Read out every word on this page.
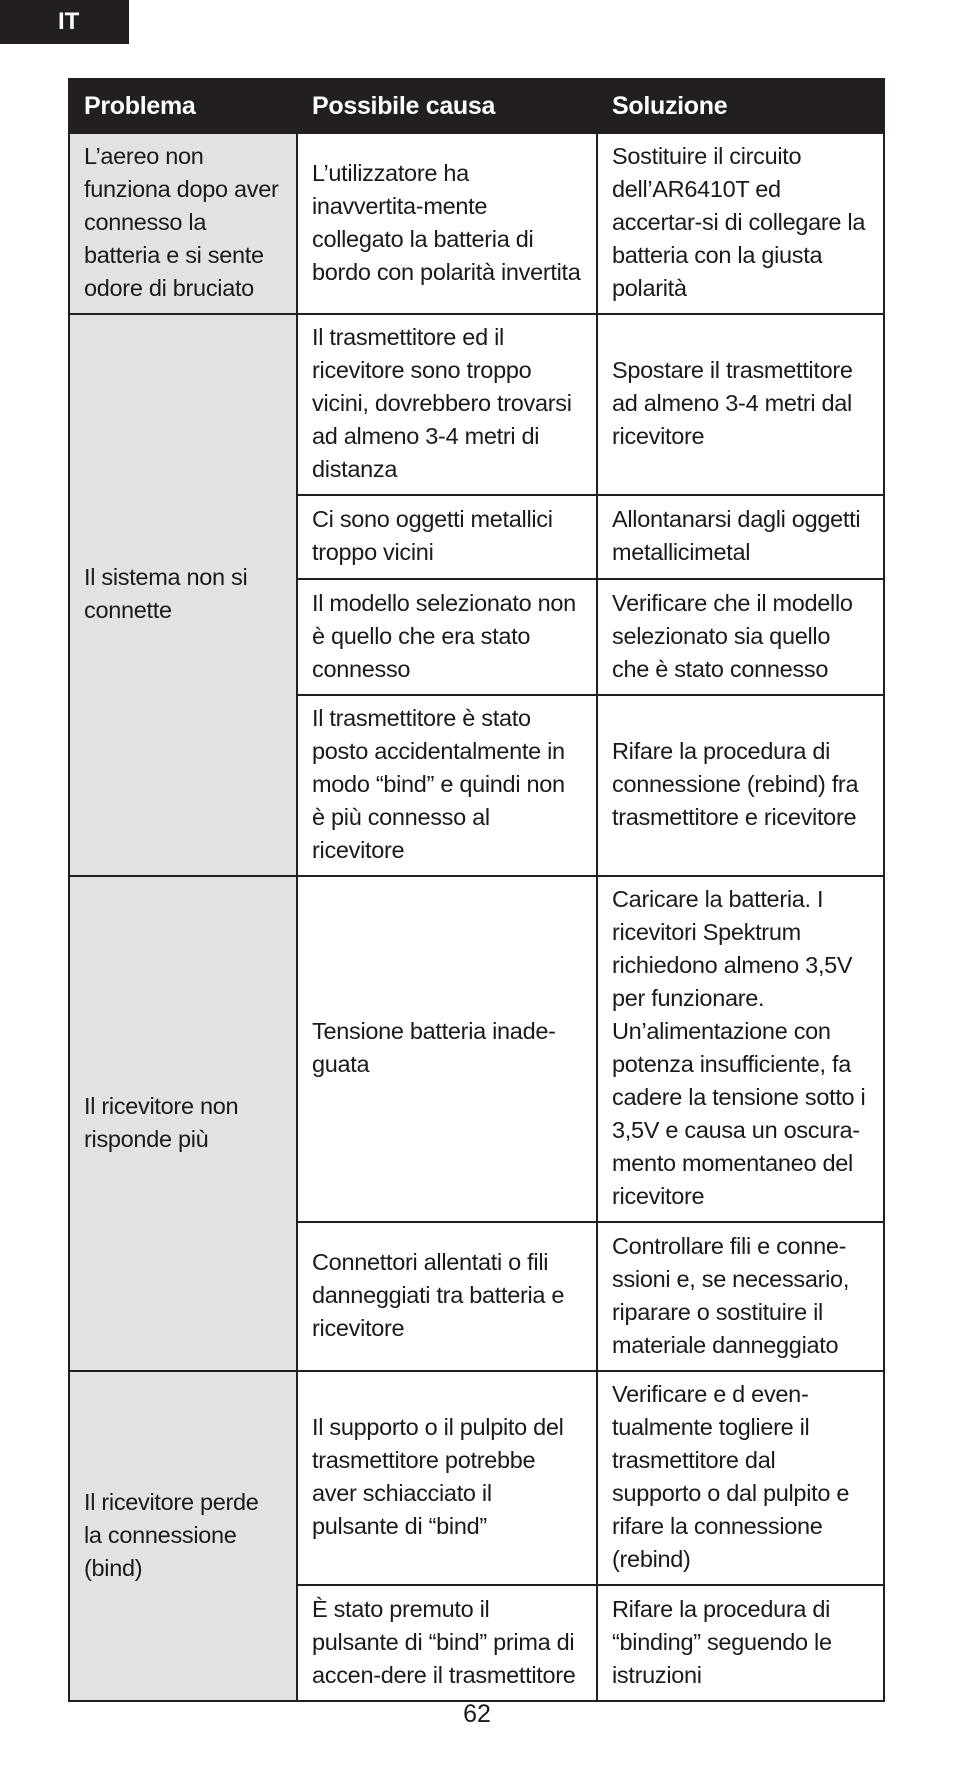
IT
Problema	Possibile causa	Soluzione
L’aereo non funziona dopo aver connesso la batteria e si sente odore di bruciato	L’utilizzatore ha inavvertita-mente collegato la batteria di bordo con polarità invertita	Sostituire il circuito dell’AR6410T ed accertar-si di collegare la batteria con la giusta polarità
Il sistema non si connette	Il trasmettitore ed il ricevitore sono troppo vicini, dovrebbero trovarsi ad almeno 3-4 metri di distanza	Spostare il trasmettitore ad almeno 3-4 metri dal ricevitore
	Ci sono oggetti metallici troppo vicini	Allontanarsi dagli oggetti metallicimetal
	Il modello selezionato non è quello che era stato connesso	Verificare che il modello selezionato sia quello che è stato connesso
	Il trasmettitore è stato posto accidentalmente in modo “bind” e quindi non è più connesso al ricevitore	Rifare la procedura di connessione (rebind) fra trasmettitore e ricevitore
Il ricevitore non risponde più	Tensione batteria inade-guata	Caricare la batteria. I ricevitori Spektrum richiedono almeno 3,5V per funzionare. Un’alimentazione con potenza insufficiente, fa cadere la tensione sotto i 3,5V e causa un oscura-mento momentaneo del ricevitore
	Connettori allentati o fili danneggiati tra batteria e ricevitore	Controllare fili e conne-ssioni e, se necessario, riparare o sostituire il materiale danneggiato
Il ricevitore perde la connessione (bind)	Il supporto o il pulpito del trasmettitore potrebbe aver schiacciato il pulsante di “bind”	Verificare e d even-tualmente togliere il trasmettitore dal supporto o dal pulpito e rifare la connessione (rebind)
	È stato premuto il pulsante di “bind” prima di accen-dere il trasmettitore	Rifare la procedura di “binding” seguendo le istruzioni
62
